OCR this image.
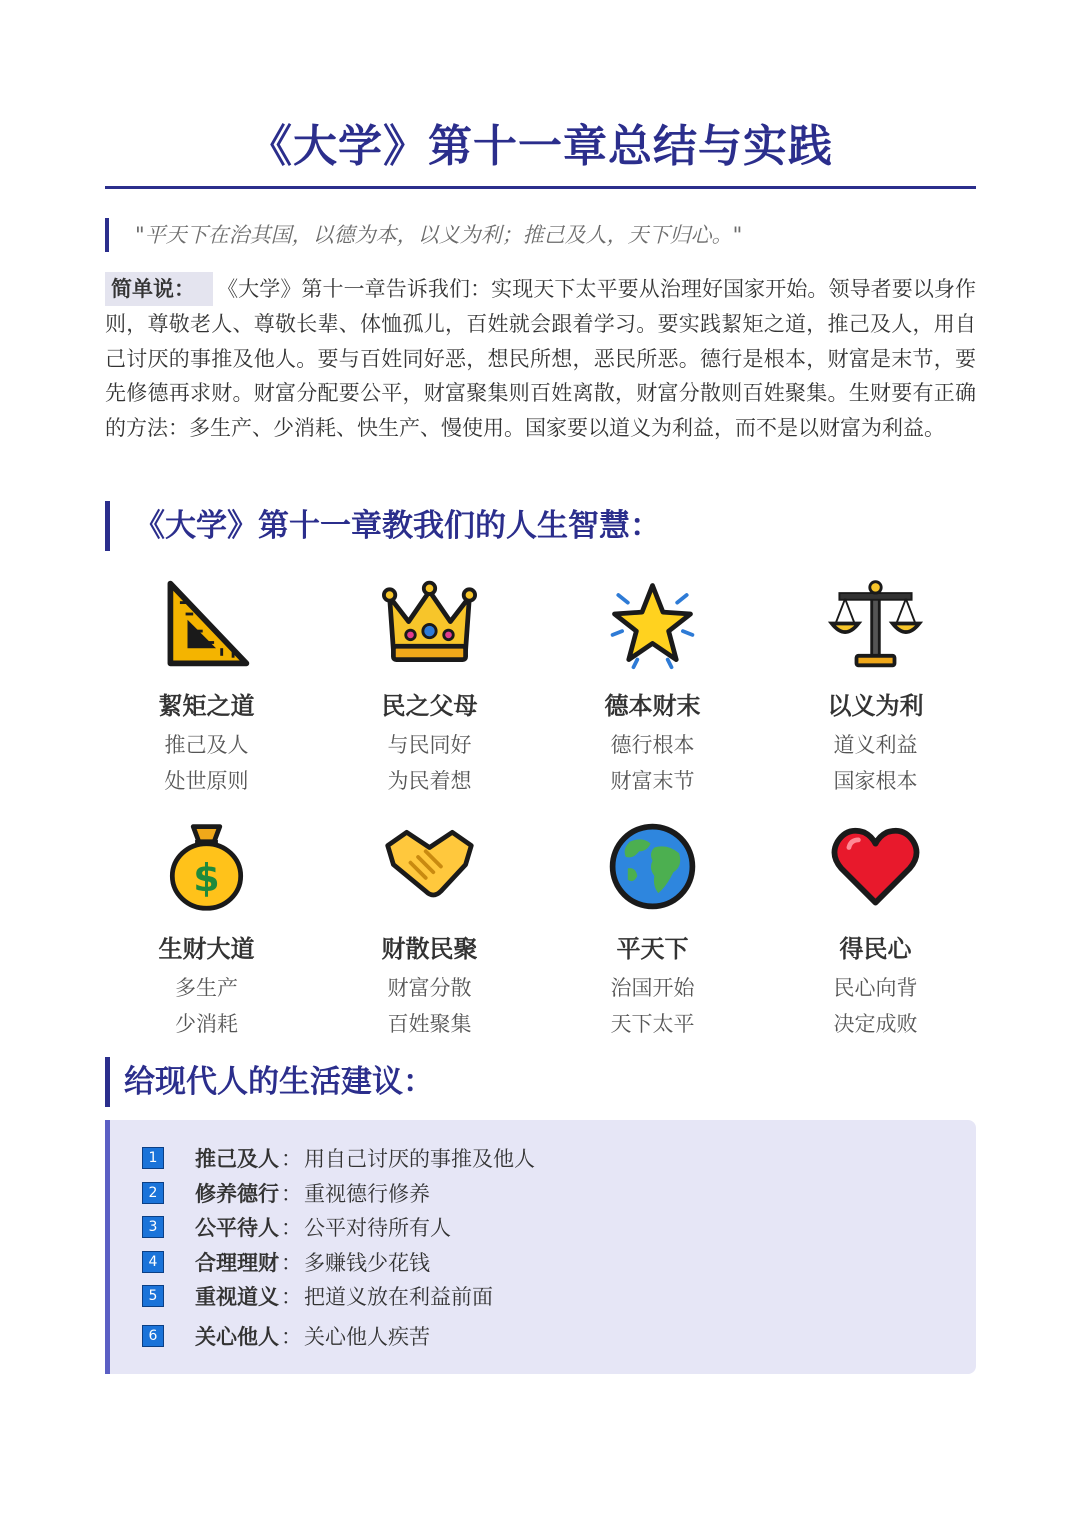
《大学》第十一章总结与实践
"平天下在治其国，以德为本，以义为利；推己及人，天下归心。"
简单说： 《大学》第十一章告诉我们：实现天下太平要从治理好国家开始。领导者要以身作则，尊敬老人、尊敬长辈、体恤孤儿，百姓就会跟着学习。要实践絜矩之道，推己及人，用自己讨厌的事推及他人。要与百姓同好恶，想民所想，恶民所恶。德行是根本，财富是末节，要先修德再求财。财富分配要公平，财富聚集则百姓离散，财富分散则百姓聚集。生财要有正确的方法：多生产、少消耗、快生产、慢使用。国家要以道义为利益，而不是以财富为利益。
《大学》第十一章教我们的人生智慧：
絜矩之道
推己及人
处世原则
民之父母
与民同好
为民着想
德本财末
德行根本
财富末节
以义为利
道义利益
国家根本
$
生财大道
多生产
少消耗
财散民聚
财富分散
百姓聚集
平天下
治国开始
天下太平
得民心
民心向背
决定成败
给现代人的生活建议：
1	推己及人 ： 用自己讨厌的事推及他人
2	修养德行 ： 重视德行修养
3	公平待人 ： 公平对待所有人
4	合理理财 ： 多赚钱少花钱
5	重视道义 ： 把道义放在利益前面
6	关心他人 ： 关心他人疾苦
